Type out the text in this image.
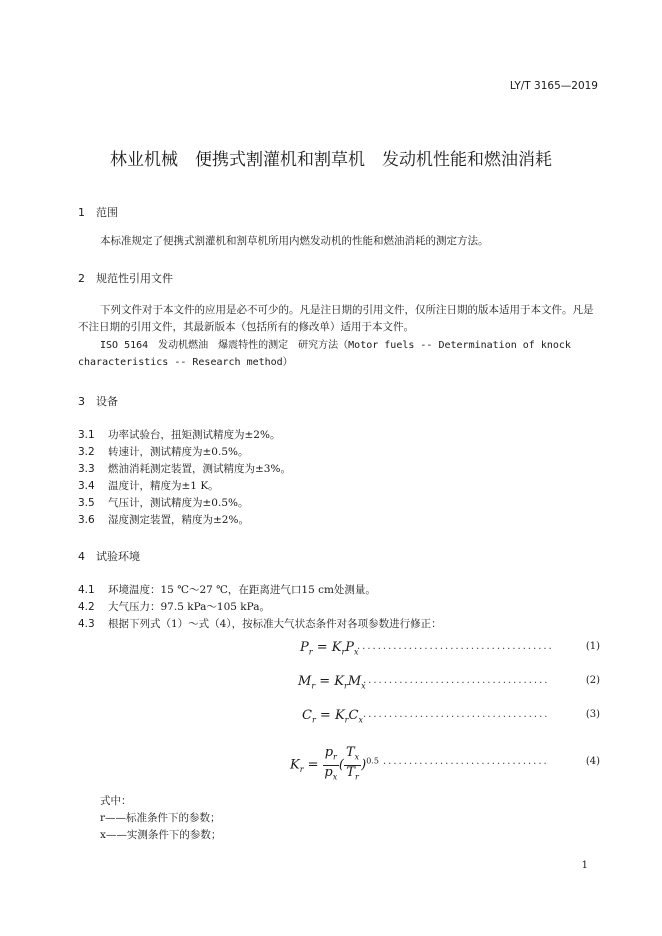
LY/T 3165—2019
林业机械　便携式割灌机和割草机　发动机性能和燃油消耗
1 范围
本标准规定了便携式割灌机和割草机所用内燃发动机的性能和燃油消耗的测定方法。
2 规范性引用文件
下列文件对于本文件的应用是必不可少的。凡是注日期的引用文件，仅所注日期的版本适用于本文件。凡是不注日期的引用文件，其最新版本（包括所有的修改单）适用于本文件。
ISO 5164　发动机燃油　爆震特性的测定　研究方法（Motor fuels -- Determination of knock characteristics -- Research method）
3 设备
3.1 功率试验台，扭矩测试精度为±2%。
3.2 转速计，测试精度为±0.5%。
3.3 燃油消耗测定装置，测试精度为±3%。
3.4 温度计，精度为±1 K。
3.5 气压计，测试精度为±0.5%。
3.6 湿度测定装置，精度为±2%。
4 试验环境
4.1 环境温度：15 ℃～27 ℃，在距离进气口15 cm处测量。
4.2 大气压力：97.5 kPa～105 kPa。
4.3 根据下列式（1）～式（4），按标准大气状态条件对各项参数进行修正：
$P_r = K_rP_x$
......................................	(1)
$M_r = K_rM_x$
....................................	(2)
$C_r = K_rC_x$
....................................	(3)
$K_r = \frac{p_r}{p_x}$ ( $\frac{T_x}{T_r} )^{0.5}$ ................................	(4)
式中：
r——标准条件下的参数；
x——实测条件下的参数；
1
